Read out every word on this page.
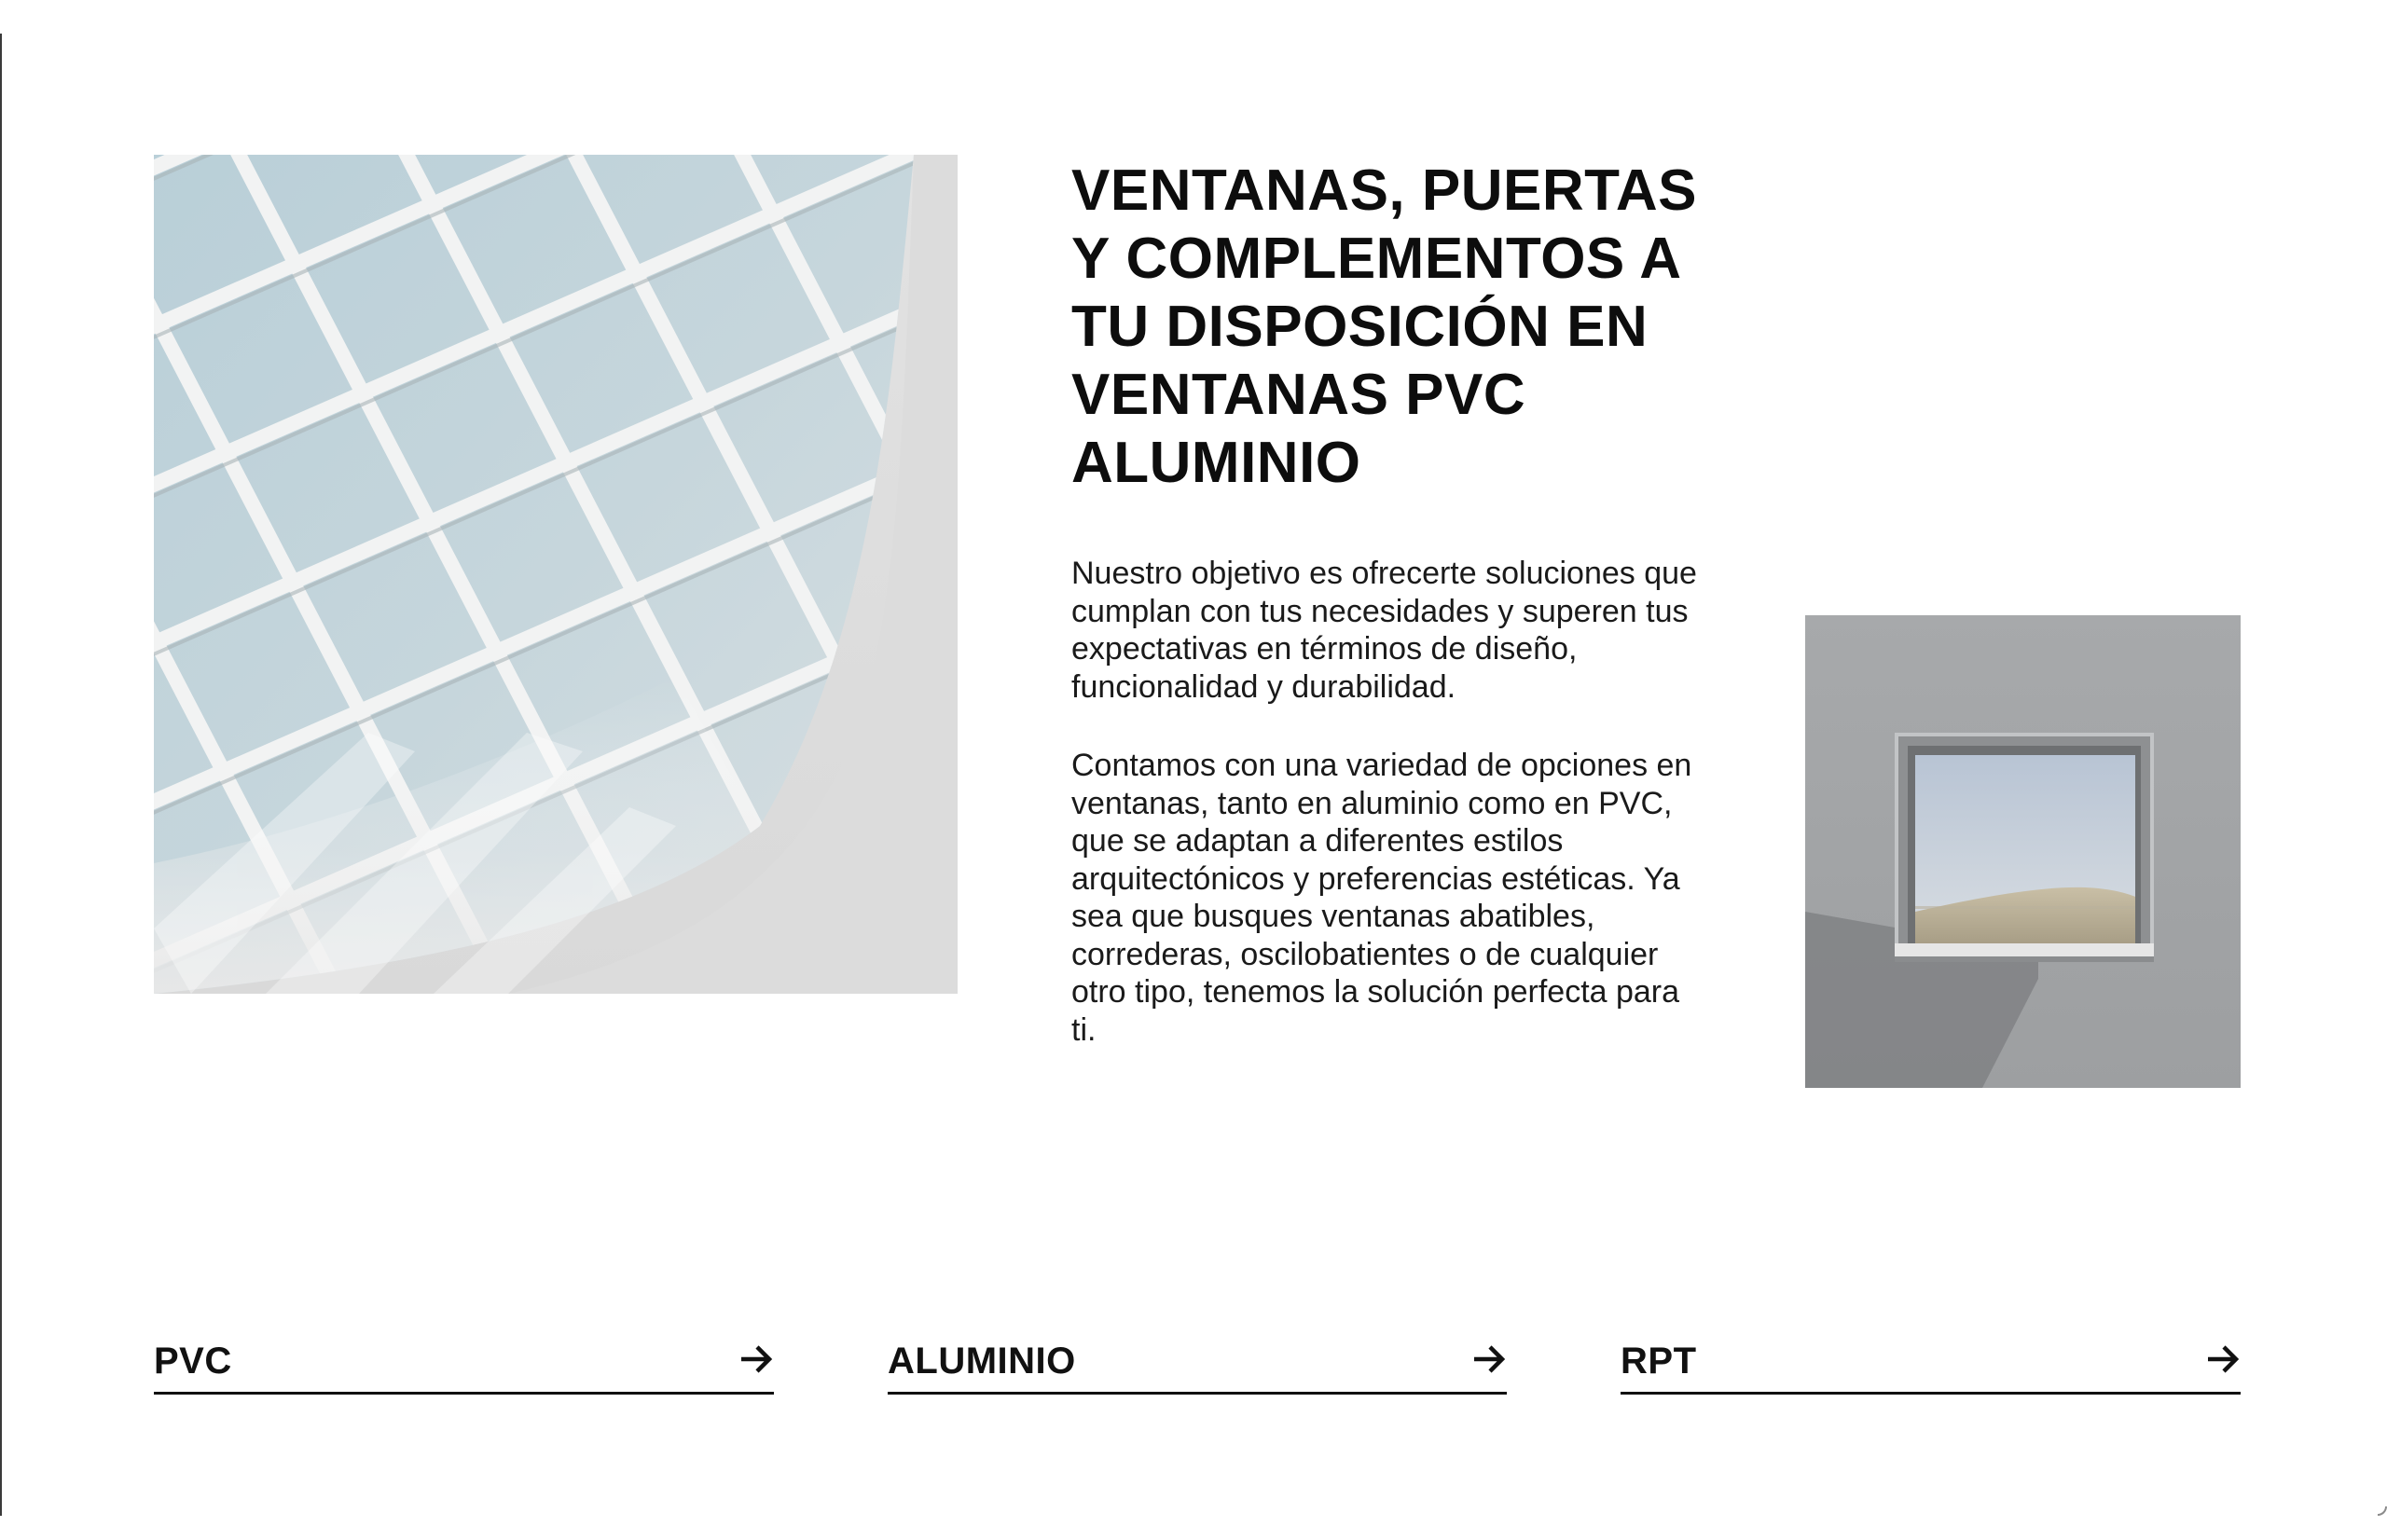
VENTANAS, PUERTAS Y COMPLEMENTOS A TU DISPOSICIÓN EN VENTANAS PVC ALUMINIO

Nuestro objetivo es ofrecerte soluciones que cumplan con tus necesidades y superen tus expectativas en términos de diseño, funcionalidad y durabilidad.

Contamos con una variedad de opciones en ventanas, tanto en aluminio como en PVC, que se adaptan a diferentes estilos arquitectónicos y preferencias estéticas. Ya sea que busques ventanas abatibles, correderas, oscilobatientes o de cualquier otro tipo, tenemos la solución perfecta para ti.

PVC	ALUMINIO	RPT
